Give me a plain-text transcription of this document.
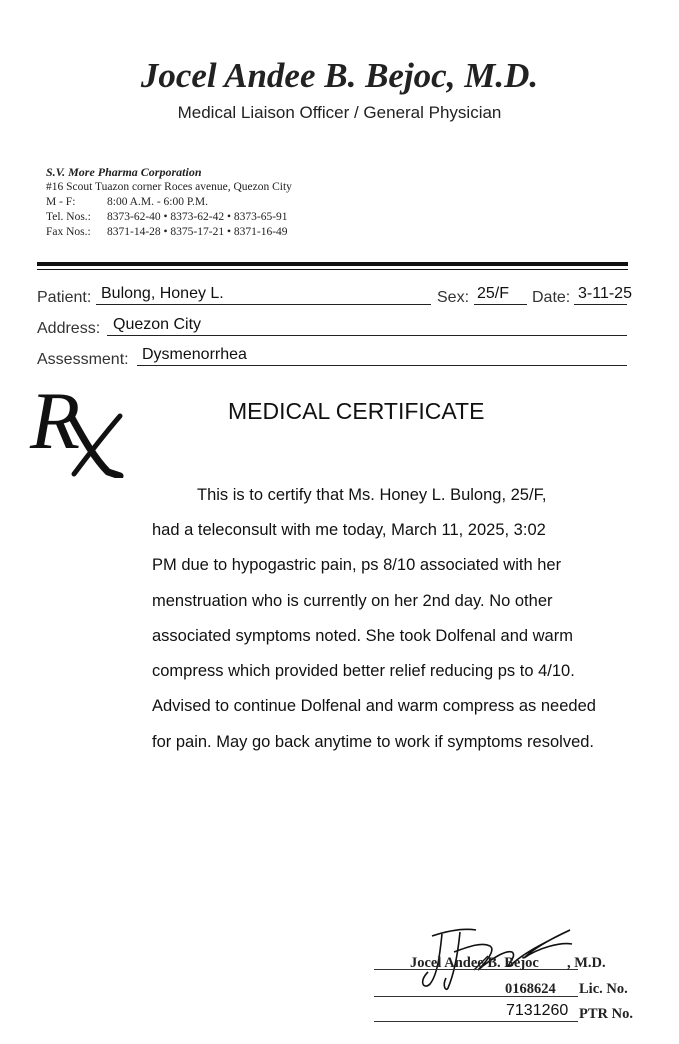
Jocel Andee B. Bejoc, M.D.
Medical Liaison Officer / General Physician
S.V. More Pharma Corporation
#16 Scout Tuazon corner Roces avenue, Quezon City
M - F:	8:00 A.M. - 6:00 P.M.
Tel. Nos.: 8373-62-40 • 8373-62-42 • 8373-65-91
Fax Nos.: 8371-14-28 • 8375-17-21 • 8371-16-49
Patient: Bulong, Honey L.	Sex: 25/F Date: 3-11-25
Address: Quezon City
Assessment: Dysmenorrhea
R	MEDICAL CERTIFICATE
This is to certify that Ms. Honey L. Bulong, 25/F,
had a teleconsult with me today, March 11, 2025, 3:02
PM due to hypogastric pain, ps 8/10 associated with her
menstruation who is currently on her 2nd day. No other
associated symptoms noted. She took Dolfenal and warm
compress which provided better relief reducing ps to 4/10.
Advised to continue Dolfenal and warm compress as needed
for pain. May go back anytime to work if symptoms resolved.
Jocel Andee B. Bejoc , M.D.
0168624 Lic. No.
7131260 PTR No.
